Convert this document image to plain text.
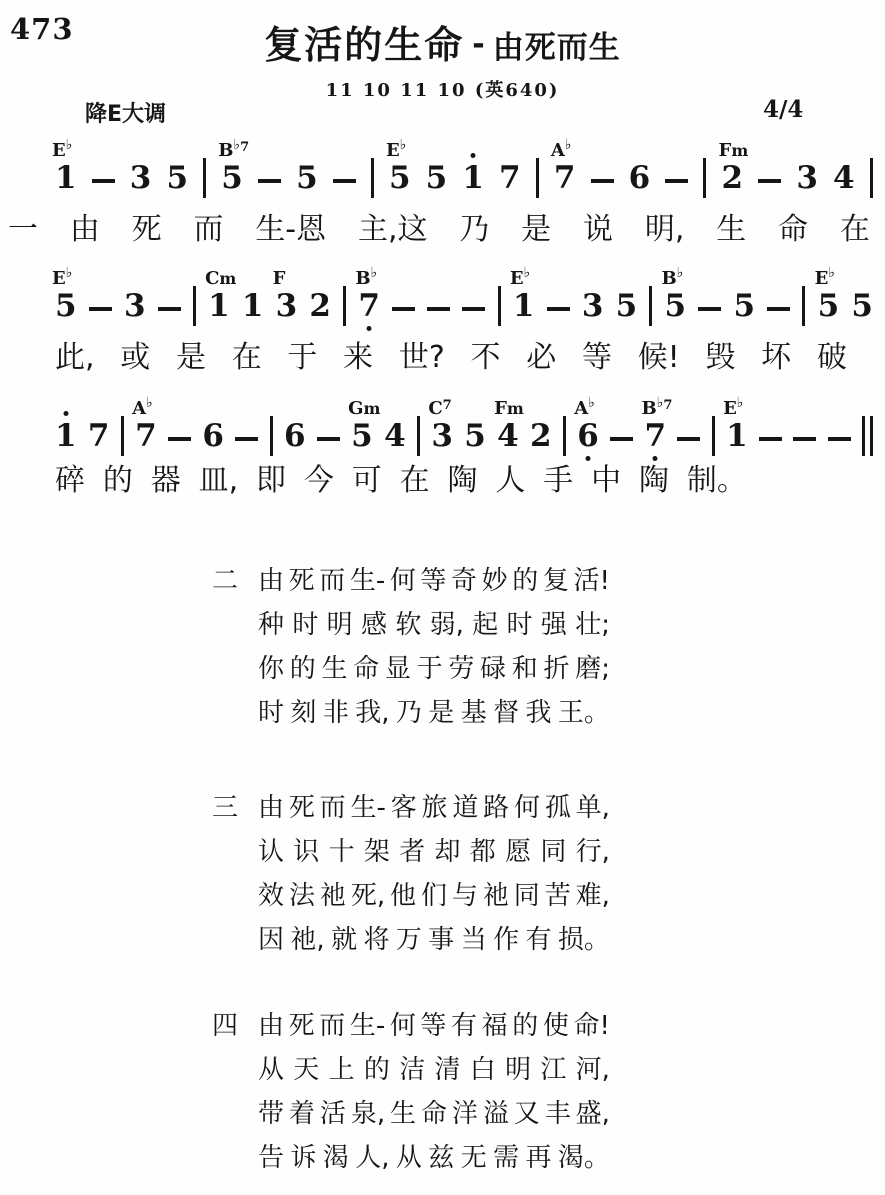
473	复活的生命 - 由死而生
11 10 11 10 (英640)
降E大调	4/4
1
E♭
3 5 5
B♭$^7$
5 5
E♭
5 1 7 7
A♭
6 2
Fm
3 4
一 由 死 而 生-恩 主,这 乃 是 说 明, 生 命 在
5
E♭
3 1
Cm
1 3
F
2 7
B♭
1
E♭
3 5 5
B♭
5 5
E♭
5
此, 或 是 在 于 来 世? 不 必 等 候! 毁 坏 破
1 7 7
A♭
6 6 5
Gm
4 3
$C^7$
5 4
Fm
2 6
A♭
7
B♭$^7$
1
E♭
碎 的 器 皿, 即 今 可 在 陶 人 手 中 陶 制。
二 由 死 而 生- 何 等 奇 妙 的 复 活!
种 时 明 感 软 弱, 起 时 强 壮;
你 的 生 命 显 于 劳 碌 和 折 磨;
时 刻 非 我, 乃 是 基 督 我 王。
三 由 死 而 生- 客 旅 道 路 何 孤 单,
认 识 十 架 者 却 都 愿 同 行,
效 法 祂 死, 他 们 与 祂 同 苦 难,
因 祂, 就 将 万 事 当 作 有 损。
四 由 死 而 生- 何 等 有 福 的 使 命!
从 天 上 的 洁 清 白 明 江 河,
带 着 活 泉, 生 命 洋 溢 又 丰 盛,
告 诉 渴 人, 从 兹 无 需 再 渴。
